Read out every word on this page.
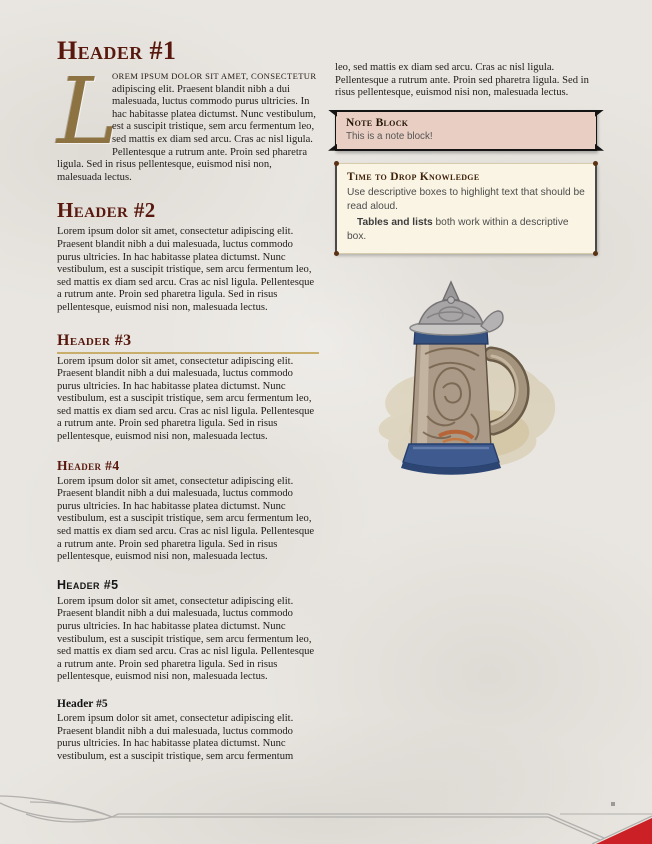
Header #1

L
OREM IPSUM DOLOR SIT AMET, CONSECTETUR adipiscing elit. Praesent blandit nibh a dui malesuada, luctus commodo purus ultricies. In hac habitasse platea dictumst. Nunc vestibulum, est a suscipit tristique, sem arcu fermentum leo, sed mattis ex diam sed arcu. Cras ac nisl ligula. Pellentesque a rutrum ante. Proin sed pharetra ligula. Sed in risus pellentesque, euismod nisi non, malesuada lectus.

Header #2

Lorem ipsum dolor sit amet, consectetur adipiscing elit. Praesent blandit nibh a dui malesuada, luctus commodo purus ultricies. In hac habitasse platea dictumst. Nunc vestibulum, est a suscipit tristique, sem arcu fermentum leo, sed mattis ex diam sed arcu. Cras ac nisl ligula. Pellentesque a rutrum ante. Proin sed pharetra ligula. Sed in risus pellentesque, euismod nisi non, malesuada lectus.

Header #3

Lorem ipsum dolor sit amet, consectetur adipiscing elit. Praesent blandit nibh a dui malesuada, luctus commodo purus ultricies. In hac habitasse platea dictumst. Nunc vestibulum, est a suscipit tristique, sem arcu fermentum leo, sed mattis ex diam sed arcu. Cras ac nisl ligula. Pellentesque a rutrum ante. Proin sed pharetra ligula. Sed in risus pellentesque, euismod nisi non, malesuada lectus.

Header #4

Lorem ipsum dolor sit amet, consectetur adipiscing elit. Praesent blandit nibh a dui malesuada, luctus commodo purus ultricies. In hac habitasse platea dictumst. Nunc vestibulum, est a suscipit tristique, sem arcu fermentum leo, sed mattis ex diam sed arcu. Cras ac nisl ligula. Pellentesque a rutrum ante. Proin sed pharetra ligula. Sed in risus pellentesque, euismod nisi non, malesuada lectus.

Header #5

Lorem ipsum dolor sit amet, consectetur adipiscing elit. Praesent blandit nibh a dui malesuada, luctus commodo purus ultricies. In hac habitasse platea dictumst. Nunc vestibulum, est a suscipit tristique, sem arcu fermentum leo, sed mattis ex diam sed arcu. Cras ac nisl ligula. Pellentesque a rutrum ante. Proin sed pharetra ligula. Sed in risus pellentesque, euismod nisi non, malesuada lectus.

Header #5

Lorem ipsum dolor sit amet, consectetur adipiscing elit. Praesent blandit nibh a dui malesuada, luctus commodo purus ultricies. In hac habitasse platea dictumst. Nunc vestibulum, est a suscipit tristique, sem arcu fermentum

leo, sed mattis ex diam sed arcu. Cras ac nisl ligula. Pellentesque a rutrum ante. Proin sed pharetra ligula. Sed in risus pellentesque, euismod nisi non, malesuada lectus.

Note Block
This is a note block!
Time to Drop Knowledge

Use descriptive boxes to highlight text that should be read aloud.

Tables and lists both work within a descriptive box.
